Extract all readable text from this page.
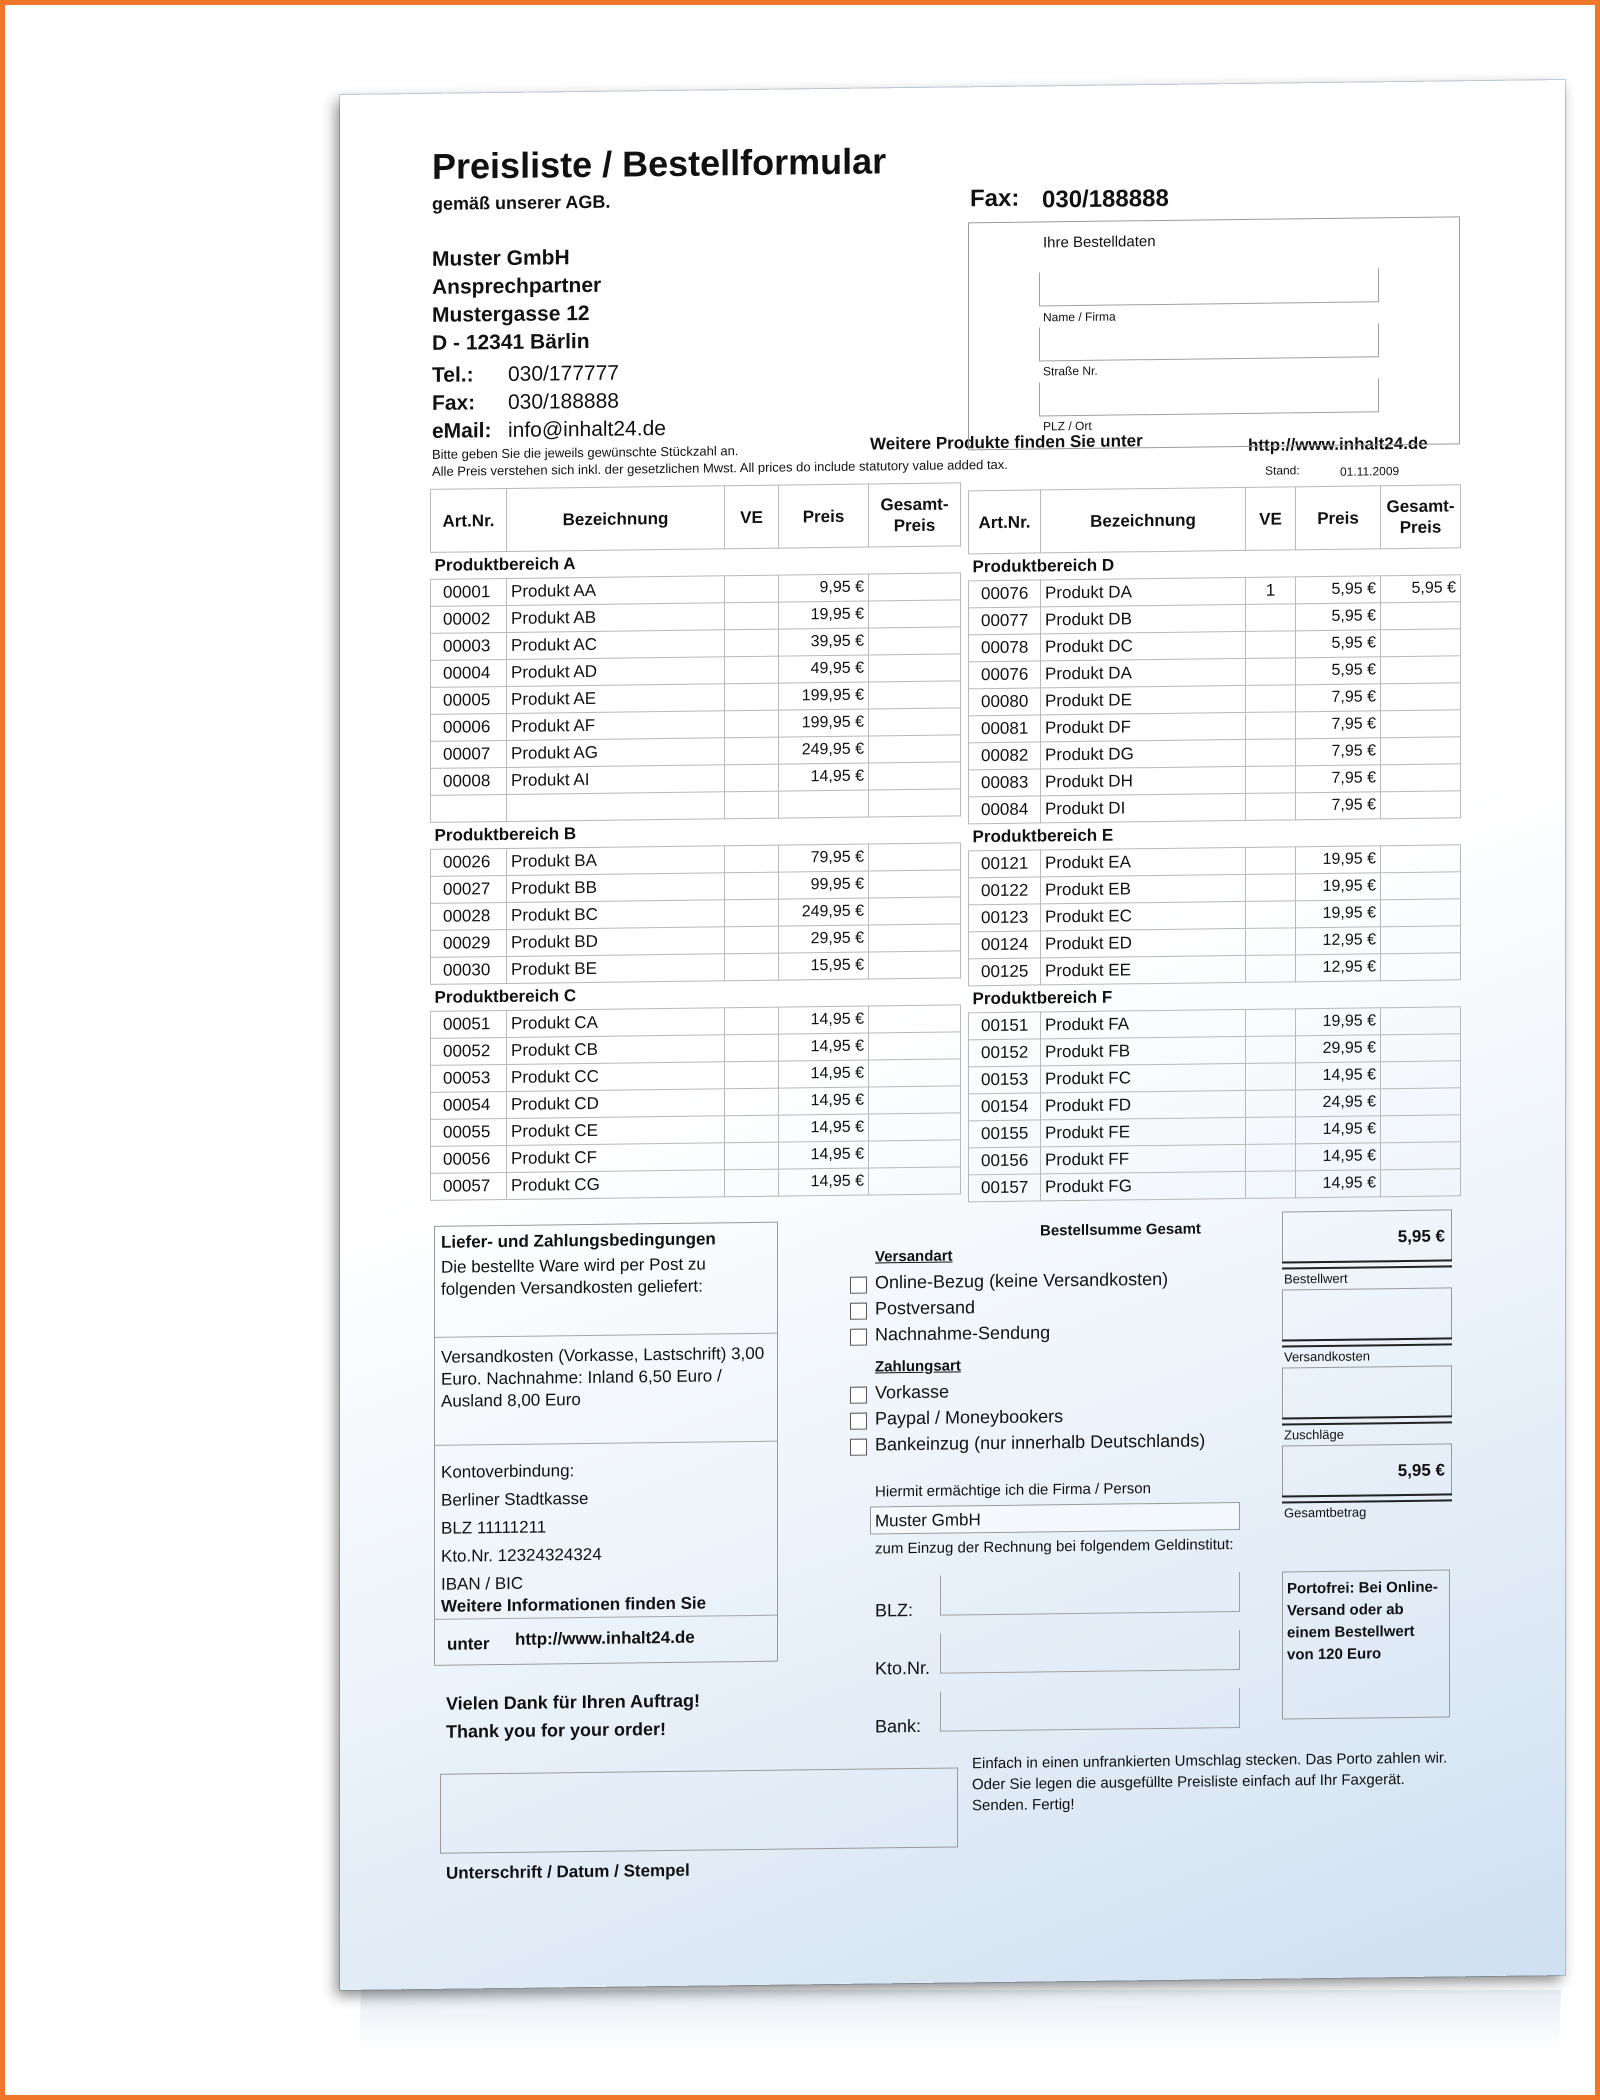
Preisliste / Bestellformular
gemäß unserer AGB.
Muster GmbH
Ansprechpartner
Mustergasse 12
D - 12341 Bärlin
Tel.: 030/177777
Fax: 030/188888
eMail: info@inhalt24.de
Bitte geben Sie die jeweils gewünschte Stückzahl an.
Alle Preis verstehen sich inkl. der gesetzlichen Mwst. All prices do include statutory value added tax.
Weitere Produkte finden Sie unter	http://www.inhalt24.de
Stand:	01.11.2009
Fax: 030/188888
Ihre Bestelldaten
Name / Firma
Straße Nr.
PLZ / Ort
Art.Nr.	Bezeichnung	VE	Preis	Gesamt-Preis
Produktbereich A				
00001	Produkt AA		9,95 €	
00002	Produkt AB		19,95 €	
00003	Produkt AC		39,95 €	
00004	Produkt AD		49,95 €	
00005	Produkt AE		199,95 €	
00006	Produkt AF		199,95 €	
00007	Produkt AG		249,95 €	
00008	Produkt AI		14,95 €	

Produktbereich B				
00026	Produkt BA		79,95 €	
00027	Produkt BB		99,95 €	
00028	Produkt BC		249,95 €	
00029	Produkt BD		29,95 €	
00030	Produkt BE		15,95 €	
Produktbereich C				
00051	Produkt CA		14,95 €	
00052	Produkt CB		14,95 €	
00053	Produkt CC		14,95 €	
00054	Produkt CD		14,95 €	
00055	Produkt CE		14,95 €	
00056	Produkt CF		14,95 €	
00057	Produkt CG		14,95 €	
Art.Nr.	Bezeichnung	VE	Preis	Gesamt-Preis
Produktbereich D				
00076	Produkt DA	1	5,95 €	5,95 €
00077	Produkt DB		5,95 €	
00078	Produkt DC		5,95 €	
00076	Produkt DA		5,95 €	
00080	Produkt DE		7,95 €	
00081	Produkt DF		7,95 €	
00082	Produkt DG		7,95 €	
00083	Produkt DH		7,95 €	
00084	Produkt DI		7,95 €	
Produktbereich E				
00121	Produkt EA		19,95 €	
00122	Produkt EB		19,95 €	
00123	Produkt EC		19,95 €	
00124	Produkt ED		12,95 €	
00125	Produkt EE		12,95 €	
Produktbereich F				
00151	Produkt FA		19,95 €	
00152	Produkt FB		29,95 €	
00153	Produkt FC		14,95 €	
00154	Produkt FD		24,95 €	
00155	Produkt FE		14,95 €	
00156	Produkt FF		14,95 €	
00157	Produkt FG		14,95 €	
Liefer- und Zahlungsbedingungen
Die bestellte Ware wird per Post zu folgenden Versandkosten geliefert:
Versandkosten (Vorkasse, Lastschrift) 3,00 Euro. Nachnahme: Inland 6,50 Euro / Ausland 8,00 Euro
Kontoverbindung:
Berliner Stadtkasse
BLZ 11111211
Kto.Nr. 12324324324
IBAN / BIC
Weitere Informationen finden Sie
unter http://www.inhalt24.de
Vielen Dank für Ihren Auftrag!
Thank you for your order!
Unterschrift / Datum / Stempel
Bestellsumme Gesamt
Versandart
Online-Bezug (keine Versandkosten)
Postversand
Nachnahme-Sendung
Zahlungsart
Vorkasse
Paypal / Moneybookers
Bankeinzug (nur innerhalb Deutschlands)
5,95 €
Bestellwert
Versandkosten
Zuschläge
5,95 €
Gesamtbetrag
Hiermit ermächtige ich die Firma / Person
Muster GmbH
zum Einzug der Rechnung bei folgendem Geldinstitut:
BLZ:
Kto.Nr.
Bank:
Portofrei: Bei Online-Versand oder ab einem Bestellwert von 120 Euro
Einfach in einen unfrankierten Umschlag stecken. Das Porto zahlen wir. Oder Sie legen die ausgefüllte Preisliste einfach auf Ihr Faxgerät. Senden. Fertig!
